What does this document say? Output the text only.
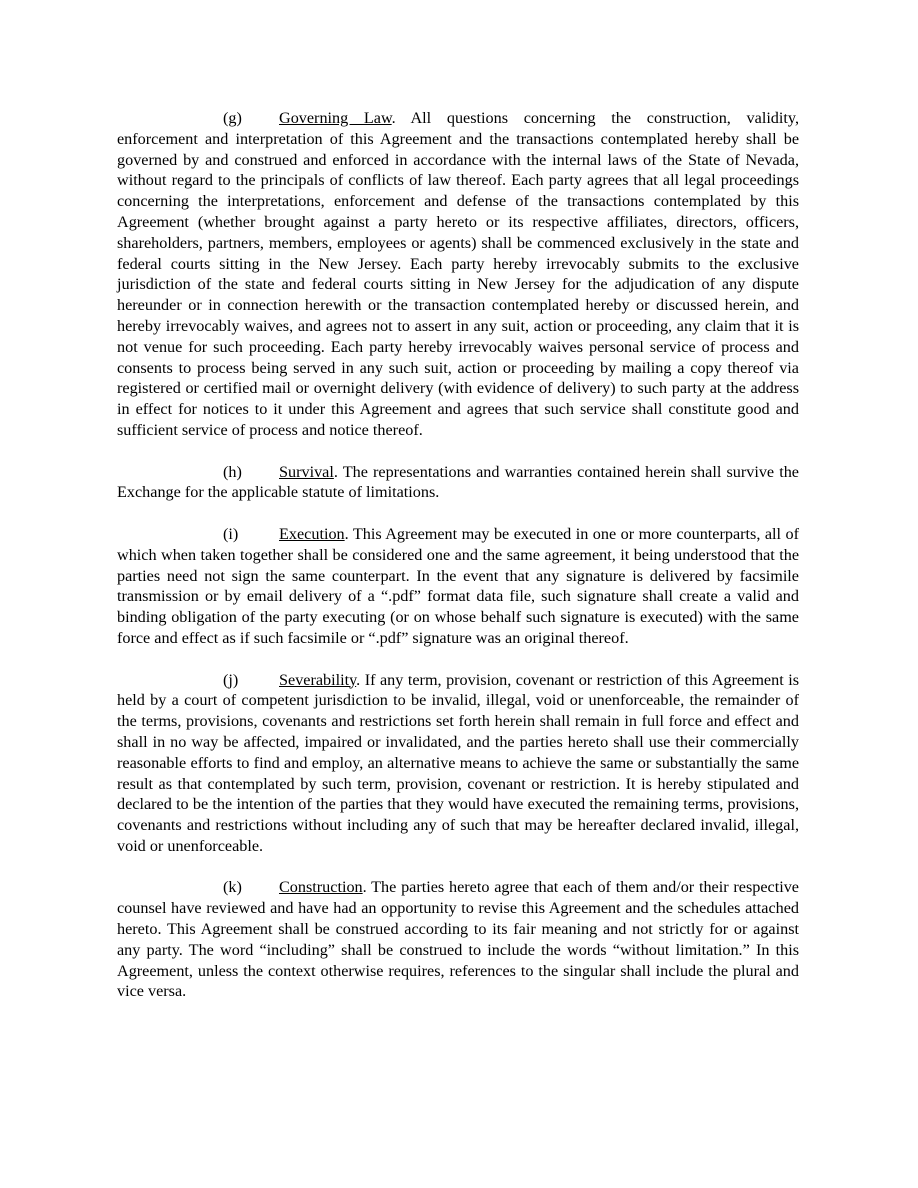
(g) Governing Law. All questions concerning the construction, validity, enforcement and interpretation of this Agreement and the transactions contemplated hereby shall be governed by and construed and enforced in accordance with the internal laws of the State of Nevada, without regard to the principals of conflicts of law thereof. Each party agrees that all legal proceedings concerning the interpretations, enforcement and defense of the transactions contemplated by this Agreement (whether brought against a party hereto or its respective affiliates, directors, officers, shareholders, partners, members, employees or agents) shall be commenced exclusively in the state and federal courts sitting in the New Jersey. Each party hereby irrevocably submits to the exclusive jurisdiction of the state and federal courts sitting in New Jersey for the adjudication of any dispute hereunder or in connection herewith or the transaction contemplated hereby or discussed herein, and hereby irrevocably waives, and agrees not to assert in any suit, action or proceeding, any claim that it is not venue for such proceeding. Each party hereby irrevocably waives personal service of process and consents to process being served in any such suit, action or proceeding by mailing a copy thereof via registered or certified mail or overnight delivery (with evidence of delivery) to such party at the address in effect for notices to it under this Agreement and agrees that such service shall constitute good and sufficient service of process and notice thereof.

(h) Survival. The representations and warranties contained herein shall survive the Exchange for the applicable statute of limitations.

(i)	Execution. This Agreement may be executed in one or more counterparts, all of which when taken together shall be considered one and the same agreement, it being understood that the parties need not sign the same counterpart. In the event that any signature is delivered by facsimile transmission or by email delivery of a “.pdf” format data file, such signature shall create a valid and binding obligation of the party executing (or on whose behalf such signature is executed) with the same force and effect as if such facsimile or “.pdf” signature was an original thereof.

(j)	Severability. If any term, provision, covenant or restriction of this Agreement is held by a court of competent jurisdiction to be invalid, illegal, void or unenforceable, the remainder of the terms, provisions, covenants and restrictions set forth herein shall remain in full force and effect and shall in no way be affected, impaired or invalidated, and the parties hereto shall use their commercially reasonable efforts to find and employ, an alternative means to achieve the same or substantially the same result as that contemplated by such term, provision, covenant or restriction. It is hereby stipulated and declared to be the intention of the parties that they would have executed the remaining terms, provisions, covenants and restrictions without including any of such that may be hereafter declared invalid, illegal, void or unenforceable.

(k) Construction. The parties hereto agree that each of them and/or their respective counsel have reviewed and have had an opportunity to revise this Agreement and the schedules attached hereto. This Agreement shall be construed according to its fair meaning and not strictly for or against any party. The word “including” shall be construed to include the words “without limitation.” In this Agreement, unless the context otherwise requires, references to the singular shall include the plural and vice versa.
